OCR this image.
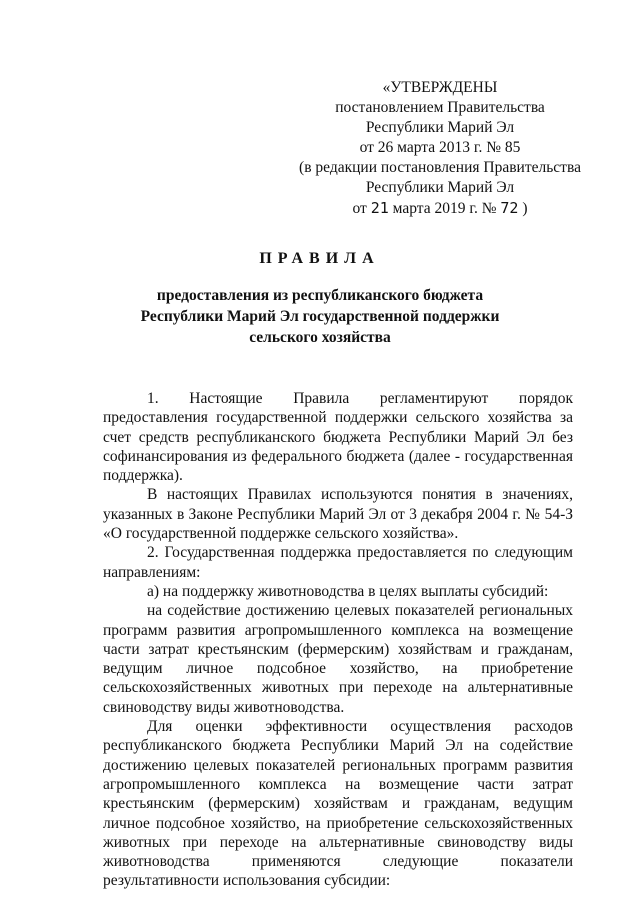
«УТВЕРЖДЕНЫ
постановлением Правительства
Республики Марий Эл
от 26 марта 2013 г. № 85
(в редакции постановления Правительства
Республики Марий Эл
от 21 марта 2019 г. № 72 )
ПРАВИЛА
предоставления из республиканского бюджета
Республики Марий Эл государственной поддержки
сельского хозяйства

1. Настоящие Правила регламентируют порядок предоставления государственной поддержки сельского хозяйства за счет средств республиканского бюджета Республики Марий Эл без софинансирования из федерального бюджета (далее - государственная поддержка).

В настоящих Правилах используются понятия в значениях, указанных в Законе Республики Марий Эл от 3 декабря 2004 г. № 54-З «О государственной поддержке сельского хозяйства».

2. Государственная поддержка предоставляется по следующим направлениям:

а) на поддержку животноводства в целях выплаты субсидий:

на содействие достижению целевых показателей региональных программ развития агропромышленного комплекса на возмещение части затрат крестьянским (фермерским) хозяйствам и гражданам, ведущим личное подсобное хозяйство, на приобретение сельскохозяйственных животных при переходе на альтернативные свиноводству виды животноводства.

Для оценки эффективности осуществления расходов республиканского бюджета Республики Марий Эл на содействие достижению целевых показателей региональных программ развития агропромышленного комплекса на возмещение части затрат крестьянским (фермерским) хозяйствам и гражданам, ведущим личное подсобное хозяйство, на приобретение сельскохозяйственных животных при переходе на альтернативные свиноводству виды животноводства применяются следующие показатели результативности использования субсидии:
